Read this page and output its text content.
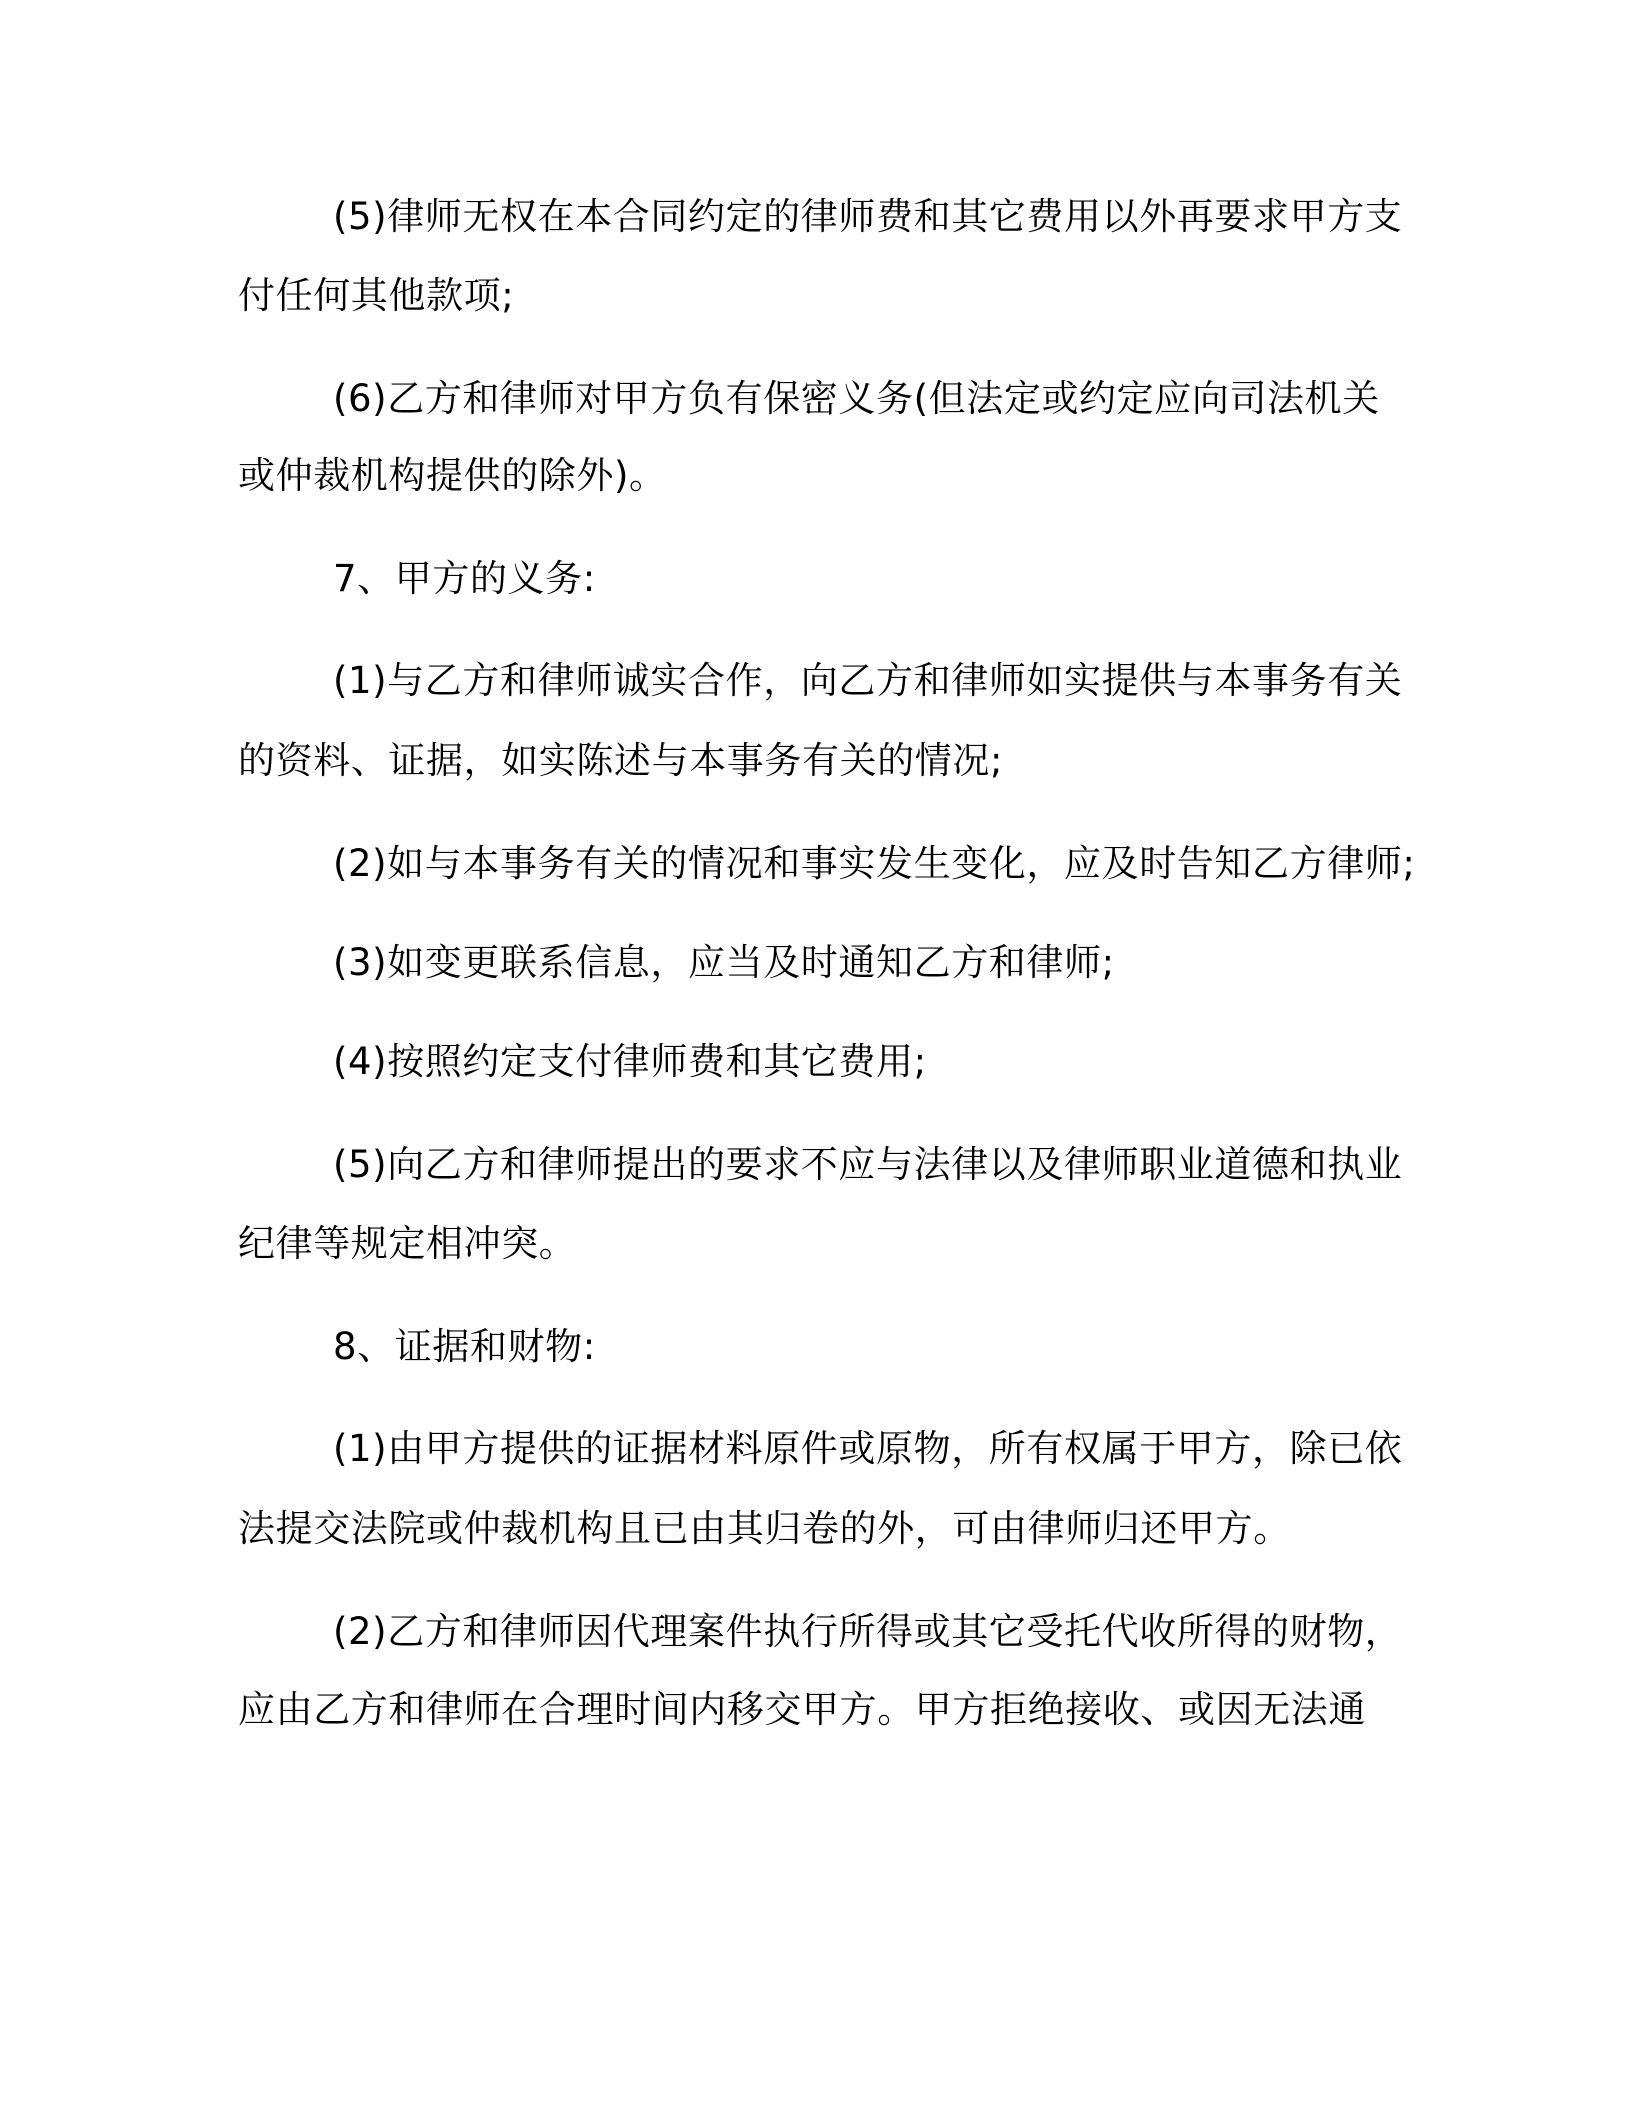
(5)律师无权在本合同约定的律师费和其它费用以外再要求甲方支

付任何其他款项;

(6)乙方和律师对甲方负有保密义务(但法定或约定应向司法机关

或仲裁机构提供的除外)。

7、甲方的义务:

(1)与乙方和律师诚实合作，向乙方和律师如实提供与本事务有关

的资料、证据，如实陈述与本事务有关的情况;

(2)如与本事务有关的情况和事实发生变化，应及时告知乙方律师;

(3)如变更联系信息，应当及时通知乙方和律师;

(4)按照约定支付律师费和其它费用;

(5)向乙方和律师提出的要求不应与法律以及律师职业道德和执业

纪律等规定相冲突。

8、证据和财物:

(1)由甲方提供的证据材料原件或原物，所有权属于甲方，除已依

法提交法院或仲裁机构且已由其归卷的外，可由律师归还甲方。

(2)乙方和律师因代理案件执行所得或其它受托代收所得的财物，

应由乙方和律师在合理时间内移交甲方。甲方拒绝接收、或因无法通
